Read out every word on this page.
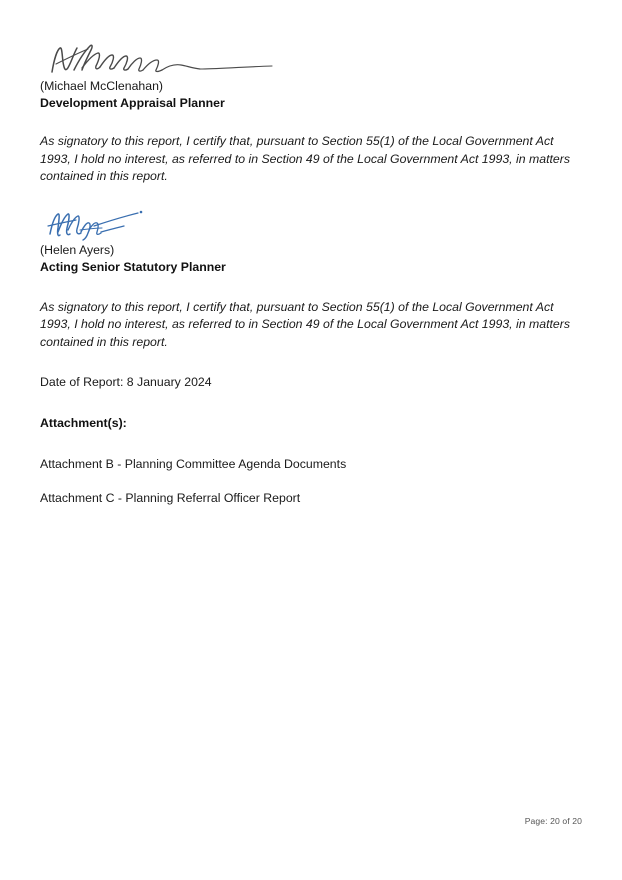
(Michael McClenahan)
Development Appraisal Planner
As signatory to this report, I certify that, pursuant to Section 55(1) of the Local Government Act 1993, I hold no interest, as referred to in Section 49 of the Local Government Act 1993, in matters contained in this report.
(Helen Ayers)
Acting Senior Statutory Planner
As signatory to this report, I certify that, pursuant to Section 55(1) of the Local Government Act 1993, I hold no interest, as referred to in Section 49 of the Local Government Act 1993, in matters contained in this report.
Date of Report: 8 January 2024
Attachment(s):
Attachment B - Planning Committee Agenda Documents
Attachment C - Planning Referral Officer Report
Page: 20 of 20
